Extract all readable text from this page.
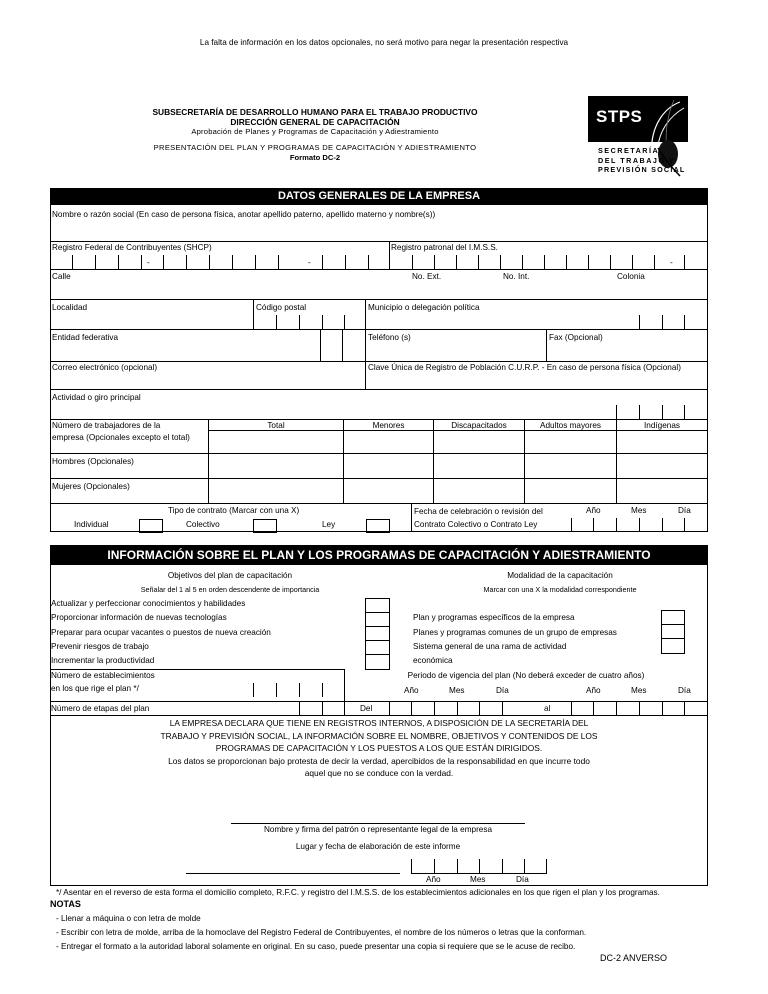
La falta de información en los datos opcionales, no será motivo para negar la presentación respectiva
SUBSECRETARÍA DE DESARROLLO HUMANO PARA EL TRABAJO PRODUCTIVO
DIRECCIÓN GENERAL DE CAPACITACIÓN
Aprobación de Planes y Programas de Capacitación y Adiestramiento
PRESENTACIÓN DEL PLAN Y PROGRAMAS DE CAPACITACIÓN Y ADIESTRAMIENTO
Formato DC-2
STPS
SECRETARÍA
DEL TRABAJO Y
PREVISIÓN SOCIAL
DATOS GENERALES DE LA EMPRESA
Nombre o razón social (En caso de persona física, anotar apellido paterno, apellido materno y nombre(s))
Registro Federal de Contribuyentes (SHCP)	Registro patronal del I.M.S.S.
-	-	-
Calle	No. Ext.	No. Int.	Colonia
Localidad	Código postal	Municipio o delegación política
Entidad federativa	Teléfono (s)	Fax (Opcional)
Correo electrónico (opcional)	Clave Única de Registro de Población C.U.R.P. - En caso de persona física (Opcional)
Actividad o giro principal
Número de trabajadores de la
empresa (Opcionales excepto el total)
Total	Menores	Discapacitados	Adultos mayores	Indígenas
Hombres (Opcionales)
Mujeres (Opcionales)
Tipo de contrato (Marcar con una X)
Individual	Colectivo	Ley
Fecha de celebración o revisión del
Contrato Colectivo o Contrato Ley
Año	Mes	Día
INFORMACIÓN SOBRE EL PLAN Y LOS PROGRAMAS DE CAPACITACIÓN Y ADIESTRAMIENTO
Objetivos del plan de capacitación
Señalar del 1 al 5 en orden descendente de importancia
Modalidad de la capacitación
Marcar con una X la modalidad correspondiente
Actualizar y perfeccionar conocimientos y habilidades
Proporcionar información de nuevas tecnologías
Preparar para ocupar vacantes o puestos de nueva creación
Prevenir riesgos de trabajo
Incrementar la productividad
Plan y programas específicos de la empresa
Planes y programas comunes de un grupo de empresas
Sistema general de una rama de actividad
económica
Número de establecimientos
en los que rige el plan */
Periodo de vigencia del plan (No deberá exceder de cuatro años)
Año	Mes	Día	Año	Mes	Día
Número de etapas del plan	Del	al
LA EMPRESA DECLARA QUE TIENE EN REGISTROS INTERNOS, A DISPOSICIÓN DE LA SECRETARÍA DEL
TRABAJO Y PREVISIÓN SOCIAL, LA INFORMACIÓN SOBRE EL NOMBRE, OBJETIVOS Y CONTENIDOS DE LOS
PROGRAMAS DE CAPACITACIÓN Y LOS PUESTOS A LOS QUE ESTÁN DIRIGIDOS.
Los datos se proporcionan bajo protesta de decir la verdad, apercibidos de la responsabilidad en que incurre todo
aquel que no se conduce con la verdad.
Nombre y firma del patrón o representante legal de la empresa
Lugar y fecha de elaboración de este informe
Año	Mes	Día
*/ Asentar en el reverso de esta forma el domicilio completo, R.F.C. y registro del I.M.S.S. de los establecimientos adicionales en los que rigen el plan y los programas.
NOTAS
- Llenar a máquina o con letra de molde
- Escribir con letra de molde, arriba de la homoclave del Registro Federal de Contribuyentes, el nombre de los números o letras que la conforman.
- Entregar el formato a la autoridad laboral solamente en original. En su caso, puede presentar una copia si requiere que se le acuse de recibo.
DC-2 ANVERSO
